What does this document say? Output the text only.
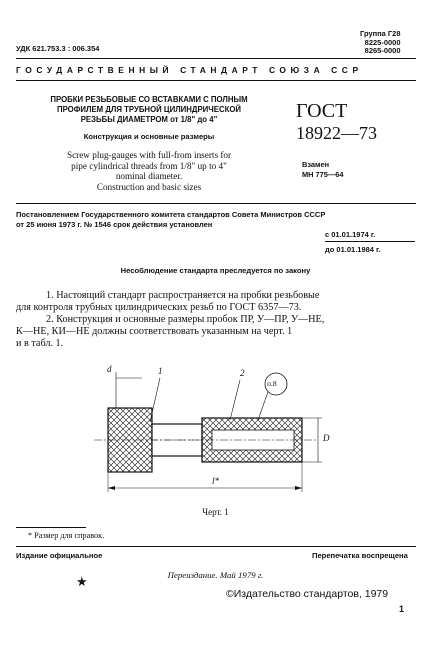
УДК 621.753.3 : 006.354
Группа Г28
8225-0000
8265-0000
ГОСУДАРСТВЕННЫЙ СТАНДАРТ СОЮЗА ССР
ПРОБКИ РЕЗЬБОВЫЕ СО ВСТАВКАМИ С ПОЛНЫМ
ПРОФИЛЕМ ДЛЯ ТРУБНОЙ ЦИЛИНДРИЧЕСКОЙ
РЕЗЬБЫ ДИАМЕТРОМ от 1/8" до 4"
Конструкция и основные размеры
Screw plug-gauges with full-from inserts for
pipe cylindrical threads from 1/8" up to 4"
nominal diameter.
Construction and basic sizes
ГОСТ
18922—73
Взамен
МН 775—64
Постановлением Государственного комитета стандартов Совета Министров СССР
от 25 июня 1973 г. № 1546 срок действия установлен
с 01.01.1974 г.
до 01.01.1984 г.
Несоблюдение стандарта преследуется по закону
1. Настоящий стандарт распространяется на пробки резьбовые
для контроля трубных цилиндрических резьб по ГОСТ 6357—73.
2. Конструкция и основные размеры пробок ПР, У—ПР, У—НЕ,
К—НЕ, КИ—НЕ должны соответствовать указанным на черт. 1
и в табл. 1.
d	1	2
п.8
D
l*
Черт. 1
* Размер для справок.
Издание официальное	Перепечатка воспрещена
Переиздание. Май 1979 г.
★
©Издательство стандартов, 1979
1
